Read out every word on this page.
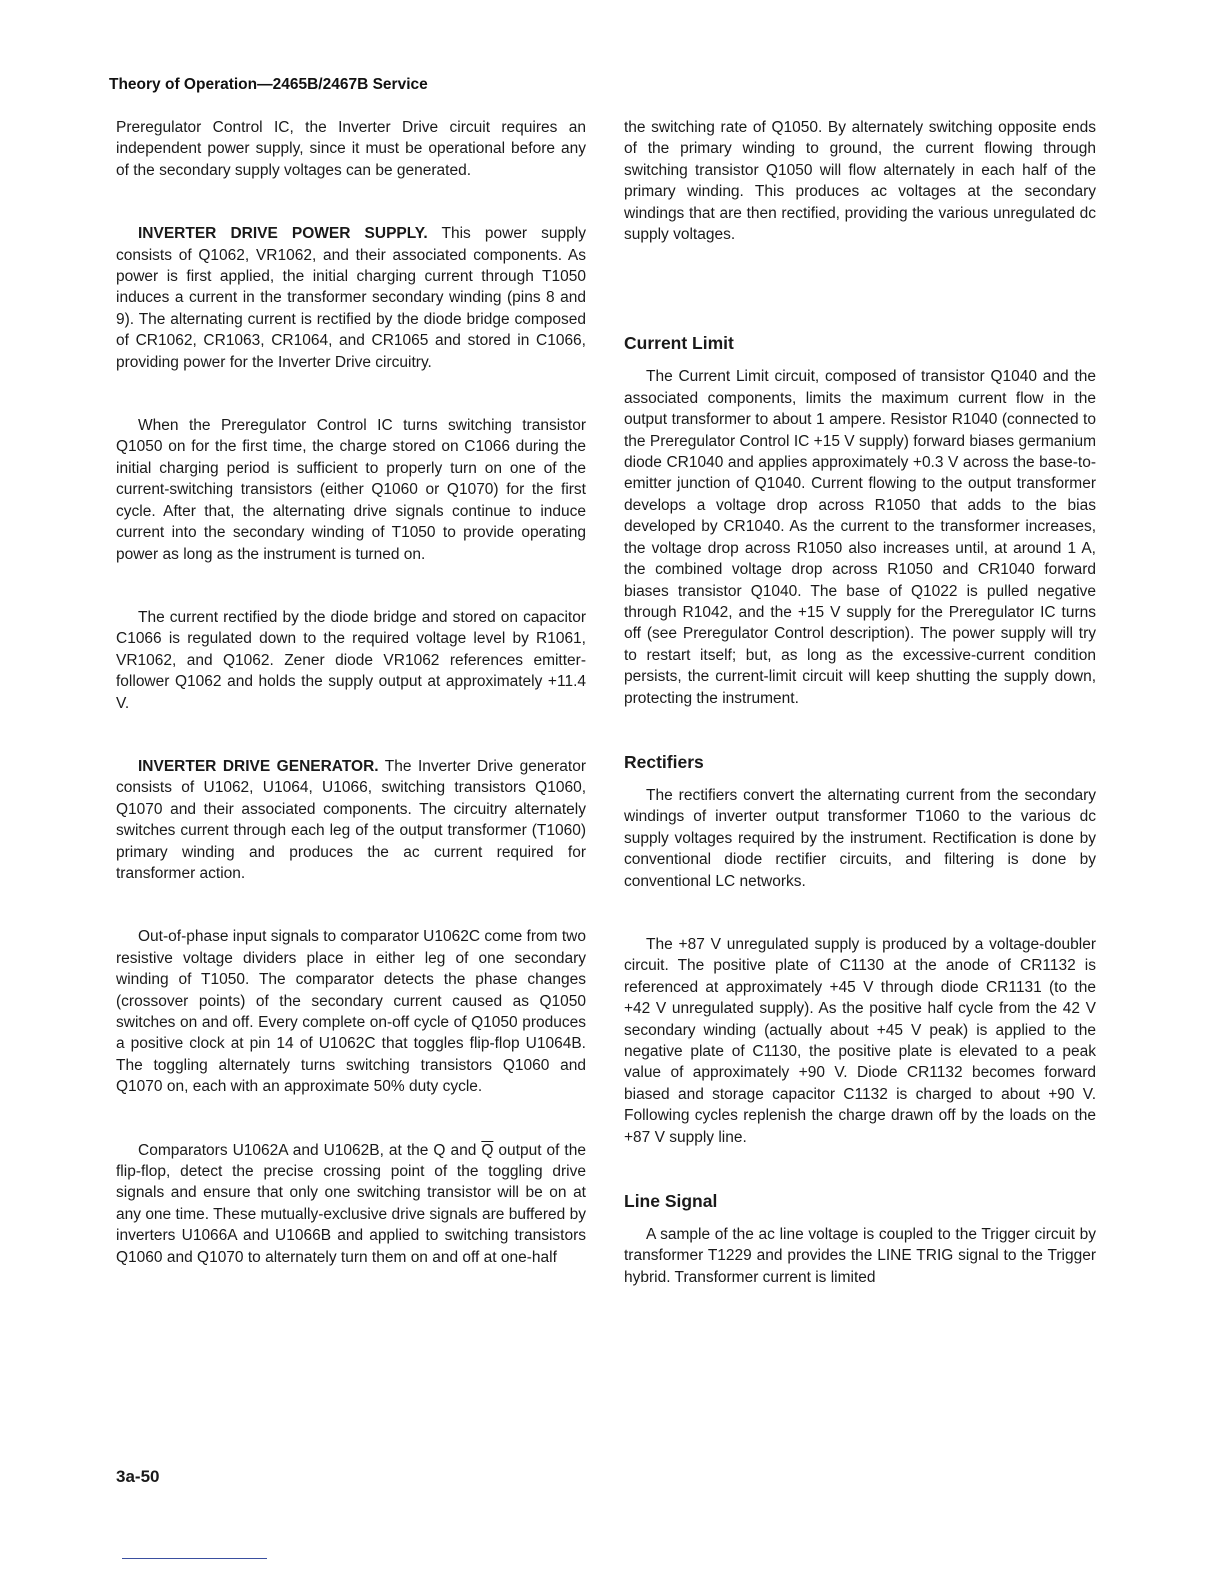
Theory of Operation—2465B/2467B Service

Preregulator Control IC, the Inverter Drive circuit requires an independent power supply, since it must be operational before any of the secondary supply voltages can be generated.

INVERTER DRIVE POWER SUPPLY. This power supply consists of Q1062, VR1062, and their associated components. As power is first applied, the initial charging current through T1050 induces a current in the transformer secondary winding (pins 8 and 9). The alternating current is rectified by the diode bridge composed of CR1062, CR1063, CR1064, and CR1065 and stored in C1066, providing power for the Inverter Drive circuitry.

When the Preregulator Control IC turns switching transistor Q1050 on for the first time, the charge stored on C1066 during the initial charging period is sufficient to properly turn on one of the current-switching transistors (either Q1060 or Q1070) for the first cycle. After that, the alternating drive signals continue to induce current into the secondary winding of T1050 to provide operating power as long as the instrument is turned on.

The current rectified by the diode bridge and stored on capacitor C1066 is regulated down to the required voltage level by R1061, VR1062, and Q1062. Zener diode VR1062 references emitter-follower Q1062 and holds the supply output at approximately +11.4 V.

INVERTER DRIVE GENERATOR. The Inverter Drive generator consists of U1062, U1064, U1066, switching transistors Q1060, Q1070 and their associated components. The circuitry alternately switches current through each leg of the output transformer (T1060) primary winding and produces the ac current required for transformer action.

Out-of-phase input signals to comparator U1062C come from two resistive voltage dividers place in either leg of one secondary winding of T1050. The comparator detects the phase changes (crossover points) of the secondary current caused as Q1050 switches on and off. Every complete on-off cycle of Q1050 produces a positive clock at pin 14 of U1062C that toggles flip-flop U1064B. The toggling alternately turns switching transistors Q1060 and Q1070 on, each with an approximate 50% duty cycle.

Comparators U1062A and U1062B, at the Q and $\overline{Q}$ output of the flip-flop, detect the precise crossing point of the toggling drive signals and ensure that only one switching transistor will be on at any one time. These mutually-exclusive drive signals are buffered by inverters U1066A and U1066B and applied to switching transistors Q1060 and Q1070 to alternately turn them on and off at one-half

the switching rate of Q1050. By alternately switching opposite ends of the primary winding to ground, the current flowing through switching transistor Q1050 will flow alternately in each half of the primary winding. This produces ac voltages at the secondary windings that are then rectified, providing the various unregulated dc supply voltages.

Current Limit

The Current Limit circuit, composed of transistor Q1040 and the associated components, limits the maximum current flow in the output transformer to about 1 ampere. Resistor R1040 (connected to the Preregulator Control IC +15 V supply) forward biases germanium diode CR1040 and applies approximately +0.3 V across the base-to-emitter junction of Q1040. Current flowing to the output transformer develops a voltage drop across R1050 that adds to the bias developed by CR1040. As the current to the transformer increases, the voltage drop across R1050 also increases until, at around 1 A, the combined voltage drop across R1050 and CR1040 forward biases transistor Q1040. The base of Q1022 is pulled negative through R1042, and the +15 V supply for the Preregulator IC turns off (see Preregulator Control description). The power supply will try to restart itself; but, as long as the excessive-current condition persists, the current-limit circuit will keep shutting the supply down, protecting the instrument.

Rectifiers

The rectifiers convert the alternating current from the secondary windings of inverter output transformer T1060 to the various dc supply voltages required by the instrument. Rectification is done by conventional diode rectifier circuits, and filtering is done by conventional LC networks.

The +87 V unregulated supply is produced by a voltage-doubler circuit. The positive plate of C1130 at the anode of CR1132 is referenced at approximately +45 V through diode CR1131 (to the +42 V unregulated supply). As the positive half cycle from the 42 V secondary winding (actually about +45 V peak) is applied to the negative plate of C1130, the positive plate is elevated to a peak value of approximately +90 V. Diode CR1132 becomes forward biased and storage capacitor C1132 is charged to about +90 V. Following cycles replenish the charge drawn off by the loads on the +87 V supply line.

Line Signal

A sample of the ac line voltage is coupled to the Trigger circuit by transformer T1229 and provides the LINE TRIG signal to the Trigger hybrid. Transformer current is limited

3a-50
